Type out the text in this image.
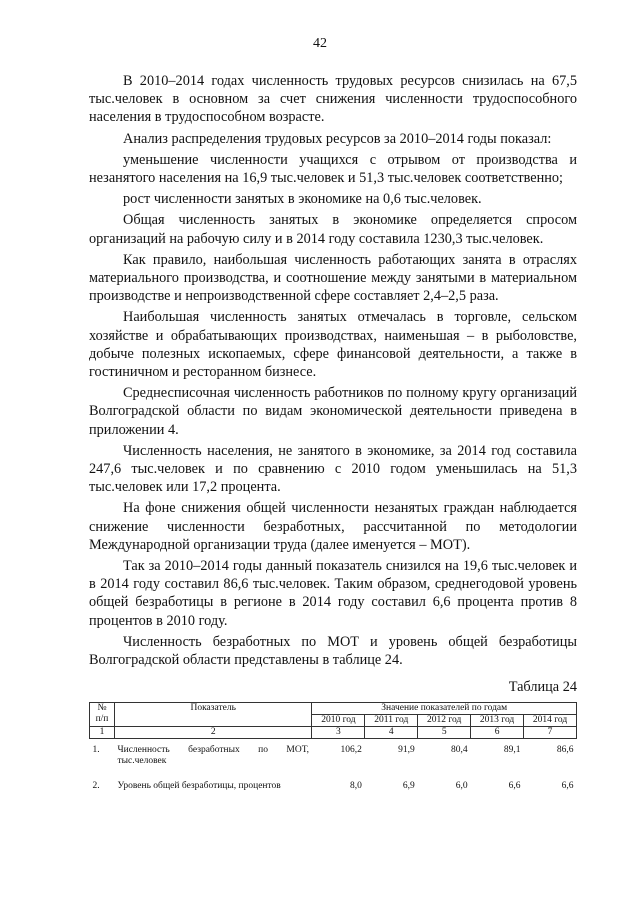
42

В 2010–2014 годах численность трудовых ресурсов снизилась на 67,5 тыс.человек в основном за счет снижения численности трудоспособного населения в трудоспособном возрасте.

Анализ распределения трудовых ресурсов за 2010–2014 годы показал:

уменьшение численности учащихся с отрывом от производства и незанятого населения на 16,9 тыс.человек и 51,3 тыс.человек соответственно;

рост численности занятых в экономике на 0,6 тыс.человек.

Общая численность занятых в экономике определяется спросом организаций на рабочую силу и в 2014 году составила 1230,3 тыс.человек.

Как правило, наибольшая численность работающих занята в отраслях материального производства, и соотношение между занятыми в материальном производстве и непроизводственной сфере составляет 2,4–2,5 раза.

Наибольшая численность занятых отмечалась в торговле, сельском хозяйстве и обрабатывающих производствах, наименьшая – в рыболовстве, добыче полезных ископаемых, сфере финансовой деятельности, а также в гостиничном и ресторанном бизнесе.

Среднесписочная численность работников по полному кругу организаций Волгоградской области по видам экономической деятельности приведена в приложении 4.

Численность населения, не занятого в экономике, за 2014 год составила 247,6 тыс.человек и по сравнению с 2010 годом уменьшилась на 51,3 тыс.человек или 17,2 процента.

На фоне снижения общей численности незанятых граждан наблюдается снижение численности безработных, рассчитанной по методологии Международной организации труда (далее именуется – МОТ).

Так за 2010–2014 годы данный показатель снизился на 19,6 тыс.человек и в 2014 году составил 86,6 тыс.человек. Таким образом, среднегодовой уровень общей безработицы в регионе в 2014 году составил 6,6 процента против 8 процентов в 2010 году.

Численность безработных по МОТ и уровень общей безработицы Волгоградской области представлены в таблице 24.

Таблица 24
№ п/п	Показатель	Значение показателей по годам				
		2010 год	2011 год	2012 год	2013 год	2014 год
1	2	3	4	5	6	7

1.	Численность безработных по МОТ, тыс.человек	106,2	91,9	80,4	89,1	86,6

2.	Уровень общей безработицы, процентов	8,0	6,9	6,0	6,6	6,6
